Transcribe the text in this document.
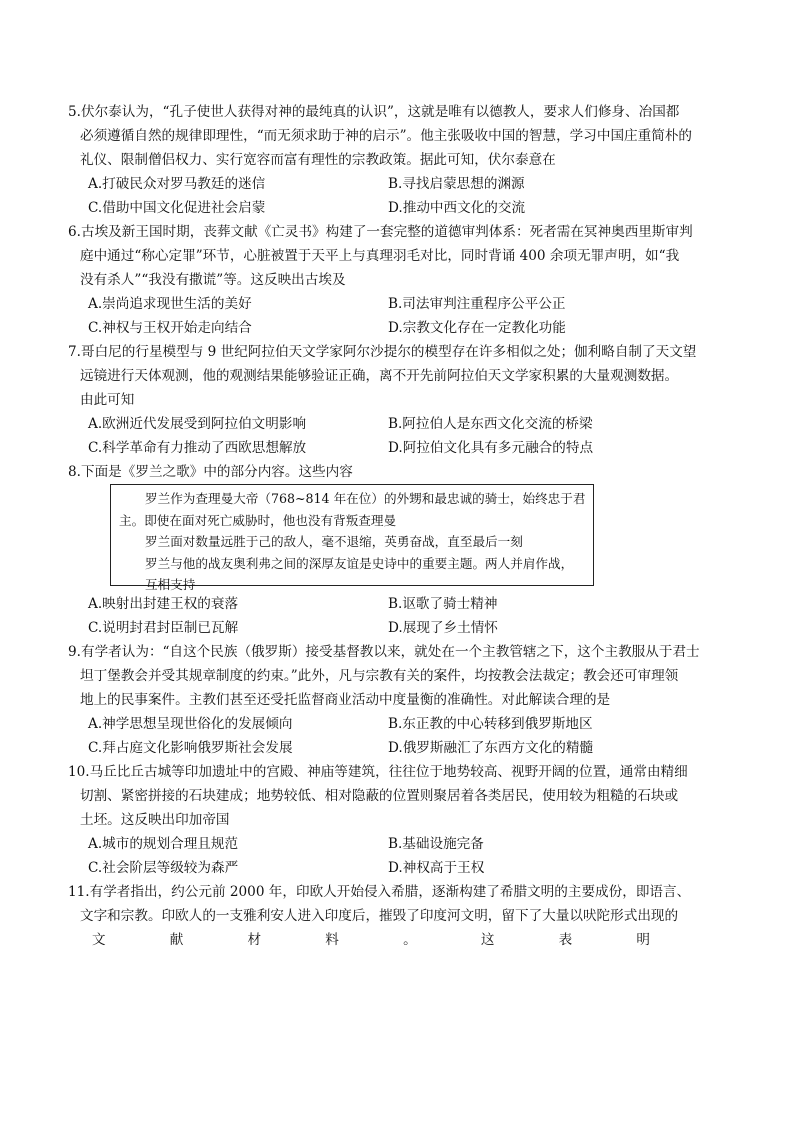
5.伏尔泰认为，“孔子使世人获得对神的最纯真的认识”，这就是唯有以德教人，要求人们修身、冶国都
必须遵循自然的规律即理性，“而无须求助于神的启示”。他主张吸收中国的智慧，学习中国庄重简朴的
礼仪、限制僧侣权力、实行宽容而富有理性的宗教政策。据此可知，伏尔泰意在
A.打破民众对罗马教廷的迷信	B.寻找启蒙思想的渊源
C.借助中国文化促进社会启蒙	D.推动中西文化的交流
6.古埃及新王国时期，丧葬文献《亡灵书》构建了一套完整的道德审判体系：死者需在冥神奥西里斯审判
庭中通过“称心定罪”环节，心脏被置于天平上与真理羽毛对比，同时背诵 400 余项无罪声明，如“我
没有杀人”“我没有撒谎”等。这反映出古埃及
A.崇尚追求现世生活的美好	B.司法审判注重程序公平公正
C.神权与王权开始走向结合	D.宗教文化存在一定教化功能
7.哥白尼的行星模型与 9 世纪阿拉伯天文学家阿尔沙提尔的模型存在许多相似之处；伽利略自制了天文望
远镜进行天体观测，他的观测结果能够验证正确，离不开先前阿拉伯天文学家积累的大量观测数据。
由此可知
A.欧洲近代发展受到阿拉伯文明影响	B.阿拉伯人是东西文化交流的桥梁
C.科学革命有力推动了西欧思想解放	D.阿拉伯文化具有多元融合的特点
8.下面是《罗兰之歌》中的部分内容。这些内容
罗兰作为查理曼大帝（768~814 年在位）的外甥和最忠诚的骑士，始终忠于君
主。即使在面对死亡威胁时，他也没有背叛查理曼
罗兰面对数量远胜于己的敌人，毫不退缩，英勇奋战，直至最后一刻
罗兰与他的战友奥利弗之间的深厚友谊是史诗中的重要主题。两人并肩作战，
互相支持
A.映射出封建王权的衰落	B.讴歌了骑士精神
C.说明封君封臣制已瓦解	D.展现了乡土情怀
9.有学者认为：“自这个民族（俄罗斯）接受基督教以来，就处在一个主教管辖之下，这个主教服从于君士
坦丁堡教会并受其规章制度的约束。”此外，凡与宗教有关的案件，均按教会法裁定；教会还可审理领
地上的民事案件。主教们甚至还受托监督商业活动中度量衡的准确性。对此解读合理的是
A.神学思想呈现世俗化的发展倾向	B.东正教的中心转移到俄罗斯地区
C.拜占庭文化影响俄罗斯社会发展	D.俄罗斯融汇了东西方文化的精髓
10.马丘比丘古城等印加遗址中的宫殿、神庙等建筑，往往位于地势较高、视野开阔的位置，通常由精细
切割、紧密拼接的石块建成；地势较低、相对隐蔽的位置则聚居着各类居民，使用较为粗糙的石块或
土坯。这反映出印加帝国
A.城市的规划合理且规范	B.基础设施完备
C.社会阶层等级较为森严	D.神权高于王权
11.有学者指出，约公元前 2000 年，印欧人开始侵入希腊，逐渐构建了希腊文明的主要成份，即语言、
文字和宗教。印欧人的一支雅利安人进入印度后，摧毁了印度河文明，留下了大量以吠陀形式出现的
文	献	材	料	。	这	表	明
